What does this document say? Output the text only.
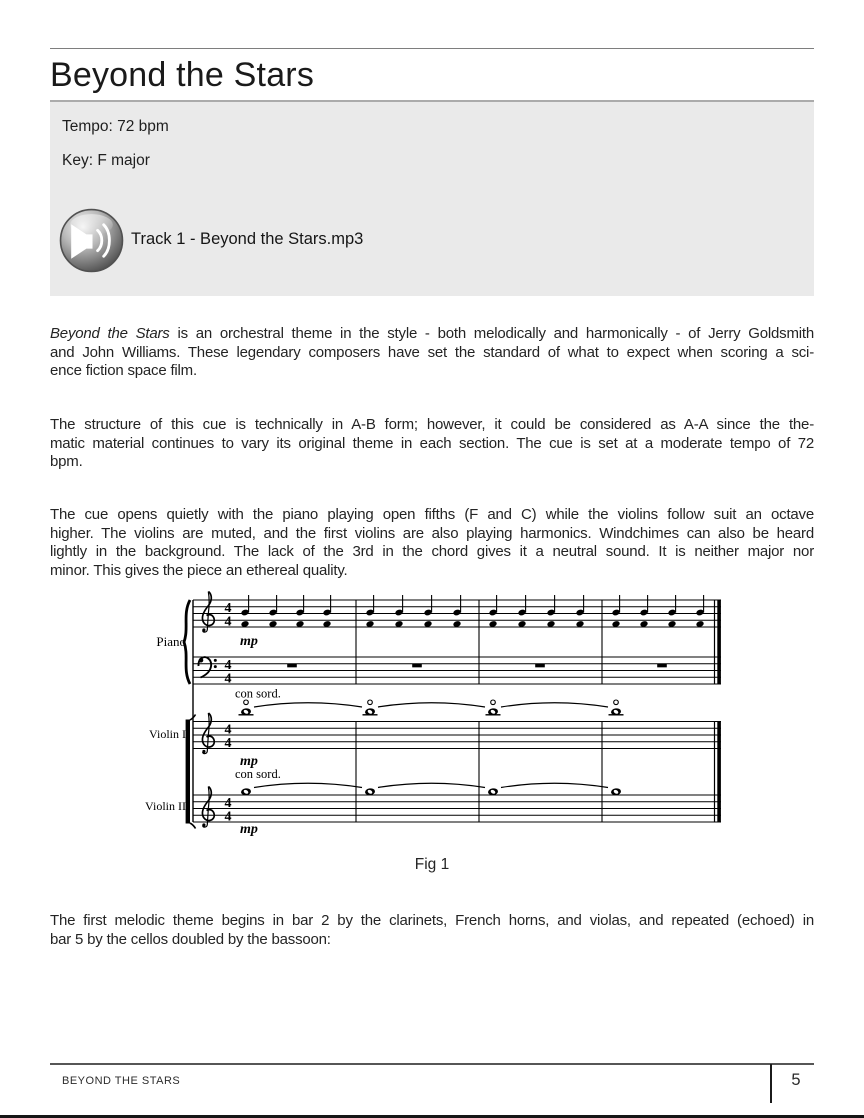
Beyond the Stars
Tempo: 72 bpm
Key: F major
Track 1 - Beyond the Stars.mp3
Beyond the Stars is an orchestral theme in the style - both melodically and harmonically - of Jerry Goldsmith
and John Williams. These legendary composers have set the standard of what to expect when scoring a sci-
ence fiction space film.
The structure of this cue is technically in A-B form; however, it could be considered as A-A since the the-
matic material continues to vary its original theme in each section. The cue is set at a moderate tempo of 72
bpm.
The cue opens quietly with the piano playing open fifths (F and C) while the violins follow suit an octave
higher. The violins are muted, and the first violins are also playing harmonics. Windchimes can also be heard
lightly in the background. The lack of the 3rd in the chord gives it a neutral sound. It is neither major nor
minor. This gives the piece an ethereal quality.
The first melodic theme begins in bar 2 by the clarinets, French horns, and violas, and repeated (echoed) in
bar 5 by the cellos doubled by the bassoon:
Piano
Violin I
Violin II
4
4
4
4
4
4
4
4
mp
con sord.
mp
con sord.
mp
Fig 1
BEYOND THE STARS	5
